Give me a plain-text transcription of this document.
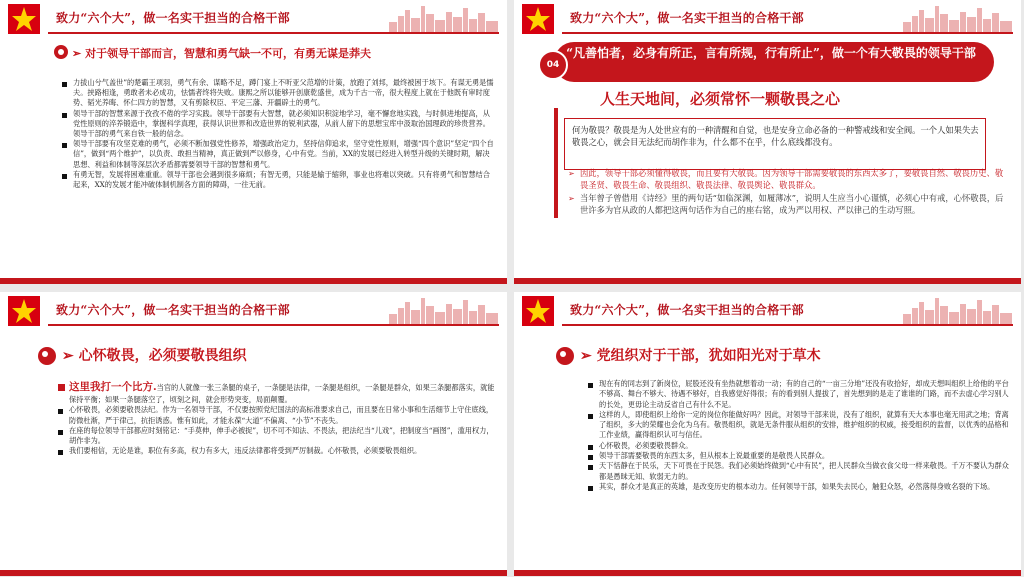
致力“六个大”，做一名实干担当的合格干部
➢ 对于领导干部而言，智慧和勇气缺一不可，有勇无谋是莽夫
力拔山兮气盖世”的楚霸王项羽，勇气有余、谋略不足，蹲门宴上不听亚父范增的计策，放跑了刘邦，最终被困于垓下。有谋无勇是懦夫。挟路相逢，勇敢者未必成功，怯懦者终将失败。康熙之所以能够开创康乾盛世，成为千古一帝，很大程度上就在于他既有审时度势、韬光养晦、怀仁四方的智慧，又有剪除权臣、平定三藩、开疆辟土的勇气。
领导干部的智慧来源于孜孜不倦的学习实践。领导干部要有大智慧，就必须知识积淀地学习，毫不懈怠地实践，与时俱进地提高，从党性原则的淬养锻造中，掌握科学真理，获得认识世界和改造世界的锐利武器，从前人留下的思想宝库中汲取治国理政的珍贵营养。领导干部的勇气来自铁一般的信念。
领导干部要有攻坚克难的勇气，必须不断加强党性修养，增强政治定力，坚持信仰追求，坚守党性原则，增强“四个意识”坚定“四个自信”，做到“两个维护”，以负责、敢担当精神，真正做到严以修身，心中有党。当前，XX的发展已经进入转型升级的关键时期，解决思想、利益和体制等深层次矛盾都需要领导干部的智慧和勇气。
有勇无智，发展将困难重重。领导干部也会遇到很多麻烦；有智无勇，只能是输于缩卵，事业也将难以突破。只有将勇气和智慧结合起来，XX的发展才能冲破体制机制各方面的障碍，一往无前。
致力“六个大”，做一名实干担当的合格干部
“凡善怕者，必身有所正，言有所规，行有所止”，做一个有大敬畏的领导干部
04
人生天地间，必须常怀一颗敬畏之心
何为敬畏？敬畏是为人处世应有的一种清醒和自觉，也是安身立命必备的一种警戒线和安全阀。一个人如果失去敬畏之心，就会目无法纪而胡作非为，什么都不在乎，什么底线都没有。
➢ 因此，领导干部必须懂得敬畏，而且要有大敬畏。因为领导干部需要敬畏的东西太多了，要敬畏自然、敬畏历史、敬畏圣贤、敬畏生命、敬畏组织、敬畏法律、敬畏舆论、敬畏群众。
➢ 当年曾子曾借用《诗经》里的两句话“如临深渊，如履薄冰”，说明人生应当小心谨慎，必须心中有戒，心怀敬畏，后世许多为官从政的人都把这两句话作为自己的座右铭，成为严以用权、严以律己的生动写照。
致力“六个大”，做一名实干担当的合格干部
➢ 心怀敬畏，必须要敬畏组织
这里我打一个比方.当官的人就像一张三条腿的桌子，一条腿是法律，一条腿是组织，一条腿是群众，如果三条腿都落实，就能保持平衡；如果一条腿落空了，顷刻之间，就会形势突变，局面颠覆。
心怀敬畏，必须要敬畏法纪。作为一名领导干部，不仅要按照党纪国法的高标准要求自己，而且要在日常小事和生活细节上守住底线，防微杜渐，严于律己，抗拒诱惑。惟有如此，才能永葆“大道”不偏离、“小节”不丧失。
在座的每位领导干部都应时刻铭记：“手莫伸，伸手必被捉”，切不可不知法、不畏法，把法纪当“儿戏”，把制度当“画图”，滥用权力，胡作非为。
我们要相信，无论是谁，职位有多高，权力有多大，违反法律都将受到严厉制裁。心怀敬畏，必须要敬畏组织。
致力“六个大”，做一名实干担当的合格干部
➢ 党组织对于干部，犹如阳光对于草木
现在有的同志到了新岗位，屁股还没有坐热就想着动一动；有的自己的“一亩三分地”还没有收拾好，却成天想叫组织上给他的平台不够高、舞台不够大、待遇不够好，自我感觉好得很；有的看到别人提拔了，首先想到的是走了谁谁的门路，而不去虚心学习别人的长处，更毋论主动反省自己有什么不足。
这样的人，即使组织上给你一定的岗位你能做好吗？因此，对领导干部来说，没有了组织，就算有天大本事也毫无用武之地；背离了组织，多大的荣耀也会化为乌有。敬畏组织，就是无条件服从组织的安排，维护组织的权威，接受组织的监督，以优秀的品格和工作业绩，赢得组织认可与信任。
心怀敬畏，必须要敬畏群众。
领导干部需要敬畏的东西太多，但从根本上说最重要的是敬畏人民群众。
天下恬静在于民乐，天下可畏在于民怨。我们必须始终做到“心中有民”，把人民群众当做衣食父母一样来敬畏。千万不要认为群众都是愚昧无知、软弱无力的。
其实，群众才是真正的英雄，是改变历史的根本动力。任何领导干部，如果失去民心，触犯众怒，必然落得身败名裂的下场。
